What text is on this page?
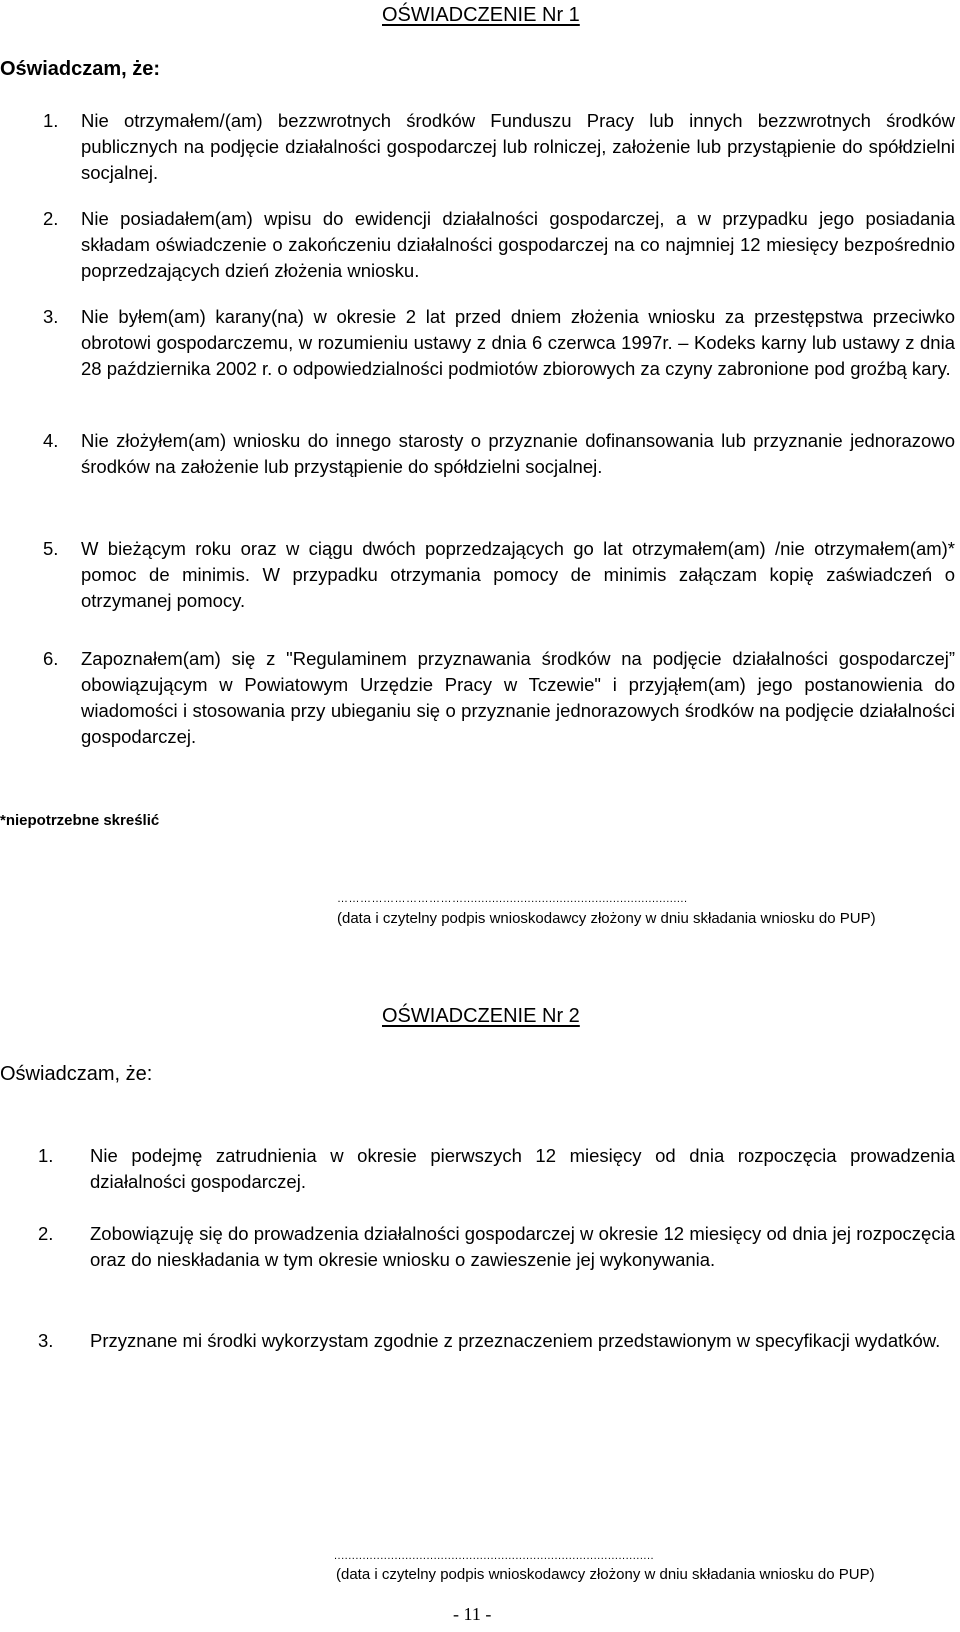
OŚWIADCZENIE Nr 1
Oświadczam, że:
1. Nie otrzymałem/(am) bezzwrotnych środków Funduszu Pracy lub innych bezzwrotnych środków publicznych na podjęcie działalności gospodarczej lub rolniczej, założenie lub przystąpienie do spółdzielni socjalnej.
2. Nie posiadałem(am) wpisu do ewidencji działalności gospodarczej, a w przypadku jego posiadania składam oświadczenie o zakończeniu działalności gospodarczej na co najmniej 12 miesięcy bezpośrednio poprzedzających dzień złożenia wniosku.
3. Nie byłem(am) karany(na) w okresie 2 lat przed dniem złożenia wniosku za przestępstwa przeciwko obrotowi gospodarczemu, w rozumieniu ustawy z dnia 6 czerwca 1997r. – Kodeks karny lub ustawy z dnia 28 października 2002 r. o odpowiedzialności podmiotów zbiorowych za czyny zabronione pod groźbą kary.
4. Nie złożyłem(am) wniosku do innego starosty o przyznanie dofinansowania lub przyznanie jednorazowo środków na założenie lub przystąpienie do spółdzielni socjalnej.
5. W bieżącym roku oraz w ciągu dwóch poprzedzających go lat otrzymałem(am) /nie otrzymałem(am)* pomoc de minimis. W przypadku otrzymania pomocy de minimis załączam kopię zaświadczeń o otrzymanej pomocy.
6. Zapoznałem(am) się z "Regulaminem przyznawania środków na podjęcie działalności gospodarczej” obowiązującym w Powiatowym Urzędzie Pracy w Tczewie" i przyjąłem(am) jego postanowienia do wiadomości i stosowania przy ubieganiu się o przyznanie jednorazowych środków na podjęcie działalności gospodarczej.
*niepotrzebne skreślić
……………………………...............................................................
(data i czytelny podpis wnioskodawcy złożony w dniu składania wniosku do PUP)
OŚWIADCZENIE Nr 2
Oświadczam, że:
1. Nie podejmę zatrudnienia w okresie pierwszych 12 miesięcy od dnia rozpoczęcia prowadzenia działalności gospodarczej.
2. Zobowiązuję się do prowadzenia działalności gospodarczej w okresie 12 miesięcy od dnia jej rozpoczęcia oraz do nieskładania w tym okresie wniosku o zawieszenie jej wykonywania.
3. Przyznane mi środki wykorzystam zgodnie z przeznaczeniem przedstawionym w specyfikacji wydatków.
..........................................................................................
(data i czytelny podpis wnioskodawcy złożony w dniu składania wniosku do PUP)
- 11 -
